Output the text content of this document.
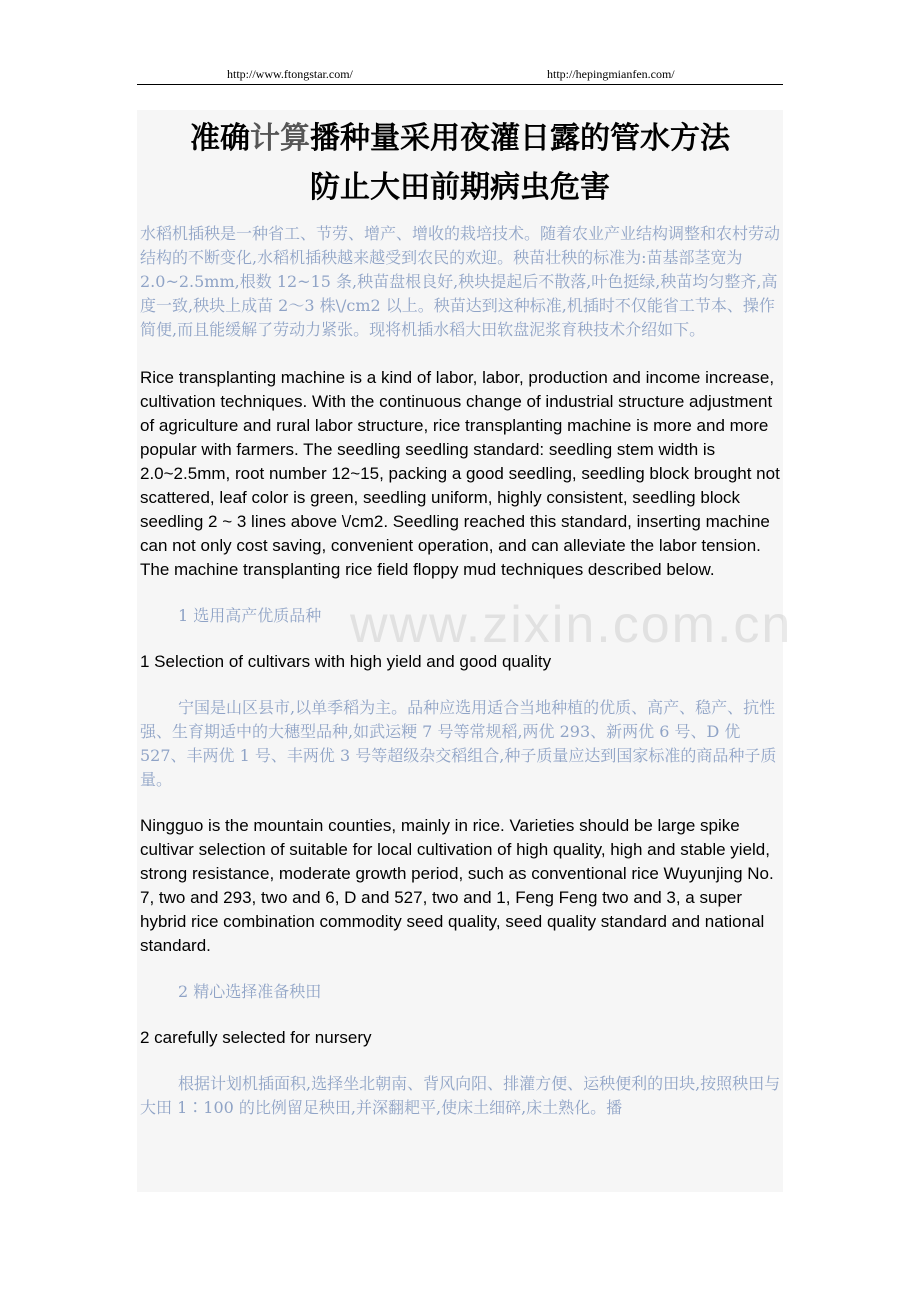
http://www.ftongstar.com/	http://hepingmianfen.com/
准确计算播种量采用夜灌日露的管水方法
防止大田前期病虫危害

水稻机插秧是一种省工、节劳、增产、增收的栽培技术。随着农业产业结构调整和农村劳动结构的不断变化,水稻机插秧越来越受到农民的欢迎。秧苗壮秧的标准为:苗基部茎宽为 2.0~2.5mm,根数 12~15 条,秧苗盘根良好,秧块提起后不散落,叶色挺绿,秧苗均匀整齐,高度一致,秧块上成苗 2～3 株\/cm2 以上。秧苗达到这种标准,机插时不仅能省工节本、操作简便,而且能缓解了劳动力紧张。现将机插水稻大田软盘泥浆育秧技术介绍如下。

Rice transplanting machine is a kind of labor, labor, production and income increase, cultivation techniques. With the continuous change of industrial structure adjustment of agriculture and rural labor structure, rice transplanting machine is more and more popular with farmers. The seedling seedling standard: seedling stem width is 2.0~2.5mm, root number 12~15, packing a good seedling, seedling block brought not scattered, leaf color is green, seedling uniform, highly consistent, seedling block seedling 2 ~ 3 lines above \/cm2. Seedling reached this standard, inserting machine can not only cost saving, convenient operation, and can alleviate the labor tension. The machine transplanting rice field floppy mud techniques described below.

1 选用高产优质品种

1 Selection of cultivars with high yield and good quality

宁国是山区县市,以单季稻为主。品种应选用适合当地种植的优质、高产、稳产、抗性强、生育期适中的大穗型品种,如武运粳 7 号等常规稻,两优 293、新两优 6 号、D 优 527、丰两优 1 号、丰两优 3 号等超级杂交稻组合,种子质量应达到国家标准的商品种子质量。

Ningguo is the mountain counties, mainly in rice. Varieties should be large spike cultivar selection of suitable for local cultivation of high quality, high and stable yield, strong resistance, moderate growth period, such as conventional rice Wuyunjing No. 7, two and 293, two and 6, D and 527, two and 1, Feng Feng two and 3, a super hybrid rice combination commodity seed quality, seed quality standard and national standard.

2 精心选择准备秧田

2 carefully selected for nursery

根据计划机插面积,选择坐北朝南、背风向阳、排灌方便、运秧便利的田块,按照秧田与大田 1∶100 的比例留足秧田,并深翻耙平,使床土细碎,床土熟化。播
